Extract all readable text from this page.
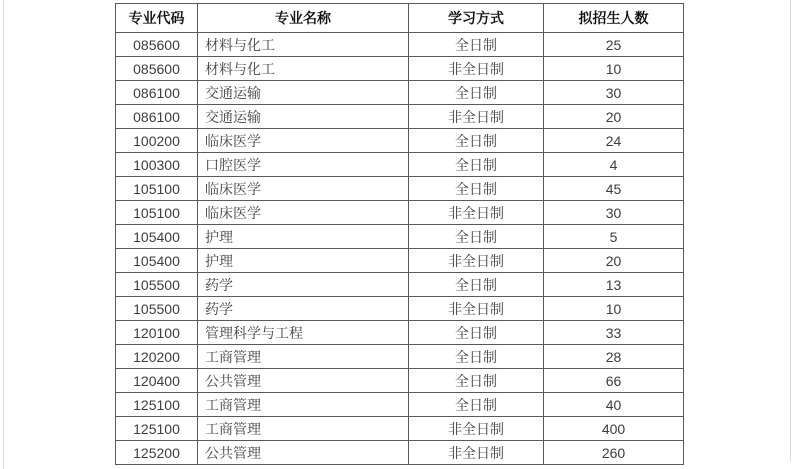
专业代码	专业名称	学习方式	拟招生人数
085600	材料与化工	全日制	25
085600	材料与化工	非全日制	10
086100	交通运输	全日制	30
086100	交通运输	非全日制	20
100200	临床医学	全日制	24
100300	口腔医学	全日制	4
105100	临床医学	全日制	45
105100	临床医学	非全日制	30
105400	护理	全日制	5
105400	护理	非全日制	20
105500	药学	全日制	13
105500	药学	非全日制	10
120100	管理科学与工程	全日制	33
120200	工商管理	全日制	28
120400	公共管理	全日制	66
125100	工商管理	全日制	40
125100	工商管理	非全日制	400
125200	公共管理	非全日制	260
